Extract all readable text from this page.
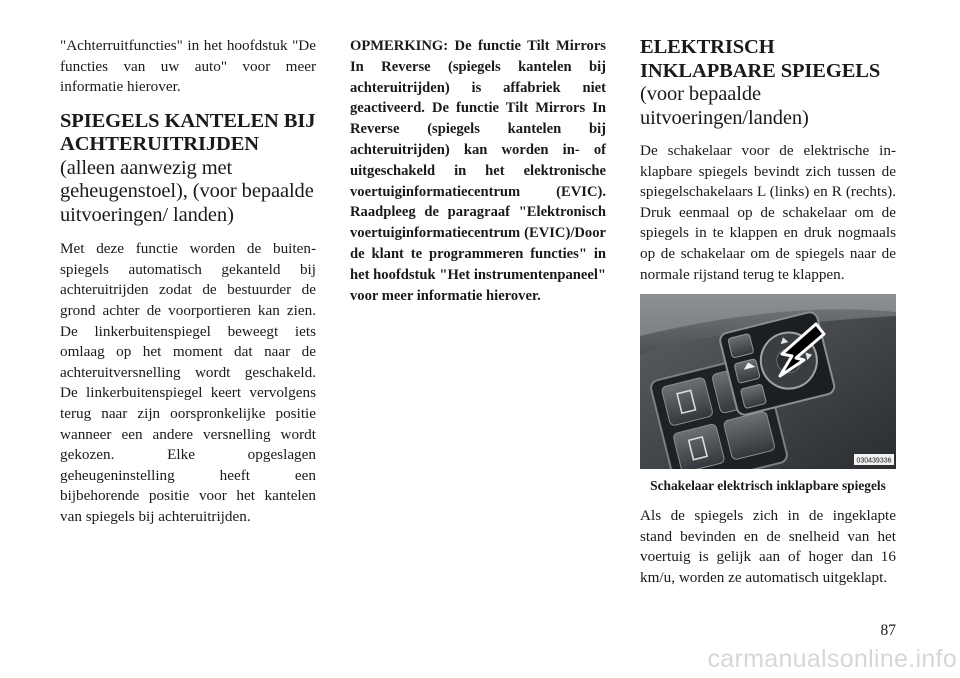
"Achterruitfuncties" in het hoofdstuk "De functies van uw auto" voor meer informatie hierover.

SPIEGELS KANTELEN BIJ ACHTERUITRIJDEN (alleen aanwezig met geheugenstoel), (voor bepaalde uitvoeringen/ landen)

Met deze functie worden de buitenspiegels automatisch gekanteld bij achteruitrijden zodat de bestuurder de grond achter de voorportieren kan zien. De linkerbuitenspiegel beweegt iets omlaag op het moment dat naar de achteruitversnelling wordt geschakeld. De linkerbuitenspiegel keert vervolgens terug naar zijn oorspronkelijke positie wanneer een andere versnelling wordt gekozen. Elke opgeslagen geheugeninstelling heeft een bijbehorende positie voor het kantelen van spiegels bij achteruitrijden.

OPMERKING: De functie Tilt Mirrors In Reverse (spiegels kantelen bij achteruitrijden) is affabriek niet geactiveerd. De functie Tilt Mirrors In Reverse (spiegels kantelen bij achteruitrijden) kan worden in- of uitgeschakeld in het elektronische voertuiginformatiecentrum (EVIC). Raadpleeg de paragraaf "Elektronisch voertuiginformatiecentrum (EVIC)/Door de klant te programmeren functies" in het hoofdstuk "Het instrumentenpaneel" voor meer informatie hierover.

ELEKTRISCH INKLAPBARE SPIEGELS (voor bepaalde uitvoeringen/landen)

De schakelaar voor de elektrische inklapbare spiegels bevindt zich tussen de spiegelschakelaars L (links) en R (rechts). Druk eenmaal op de schakelaar om de spiegels in te klappen en druk nogmaals op de schakelaar om de spiegels naar de normale rijstand terug te klappen.

030439336

Schakelaar elektrisch inklapbare spiegels

Als de spiegels zich in de ingeklapte stand bevinden en de snelheid van het voertuig is gelijk aan of hoger dan 16 km/u, worden ze automatisch uitgeklapt.

87
carmanualsonline.info
